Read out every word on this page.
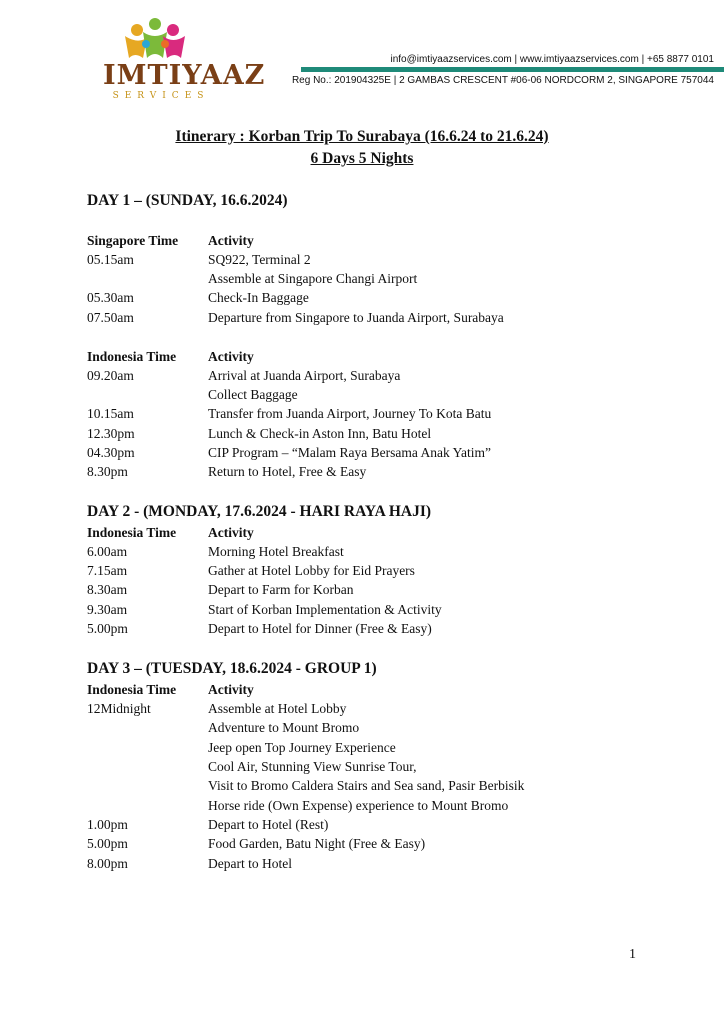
IMTIYAAZ
SERVICES
info@imtiyaazservices.com | www.imtiyaazservices.com | +65 8877 0101
Reg No.: 201904325E | 2 GAMBAS CRESCENT #06-06 NORDCORM 2, SINGAPORE 757044
Itinerary : Korban Trip To Surabaya (16.6.24 to 21.6.24)
6 Days 5 Nights
DAY 1 – (SUNDAY, 16.6.2024)
Singapore Time Activity
05.15am	SQ922, Terminal 2
Assemble at Singapore Changi Airport
05.30am	Check-In Baggage
07.50am	Departure from Singapore to Juanda Airport, Surabaya
Indonesia Time Activity
09.20am	Arrival at Juanda Airport, Surabaya
Collect Baggage
10.15am	Transfer from Juanda Airport, Journey To Kota Batu
12.30pm	Lunch & Check-in Aston Inn, Batu Hotel
04.30pm	CIP Program – “Malam Raya Bersama Anak Yatim”
8.30pm	Return to Hotel, Free & Easy
DAY 2 - (MONDAY, 17.6.2024 - HARI RAYA HAJI)
Indonesia Time Activity
6.00am	Morning Hotel Breakfast
7.15am	Gather at Hotel Lobby for Eid Prayers
8.30am	Depart to Farm for Korban
9.30am	Start of Korban Implementation & Activity
5.00pm	Depart to Hotel for Dinner (Free & Easy)
DAY 3 – (TUESDAY, 18.6.2024 - GROUP 1)
Indonesia Time Activity
12Midnight	Assemble at Hotel Lobby
Adventure to Mount Bromo
Jeep open Top Journey Experience
Cool Air, Stunning View Sunrise Tour,
Visit to Bromo Caldera Stairs and Sea sand, Pasir Berbisik
Horse ride (Own Expense) experience to Mount Bromo
1.00pm	Depart to Hotel (Rest)
5.00pm	Food Garden, Batu Night (Free & Easy)
8.00pm	Depart to Hotel
1
